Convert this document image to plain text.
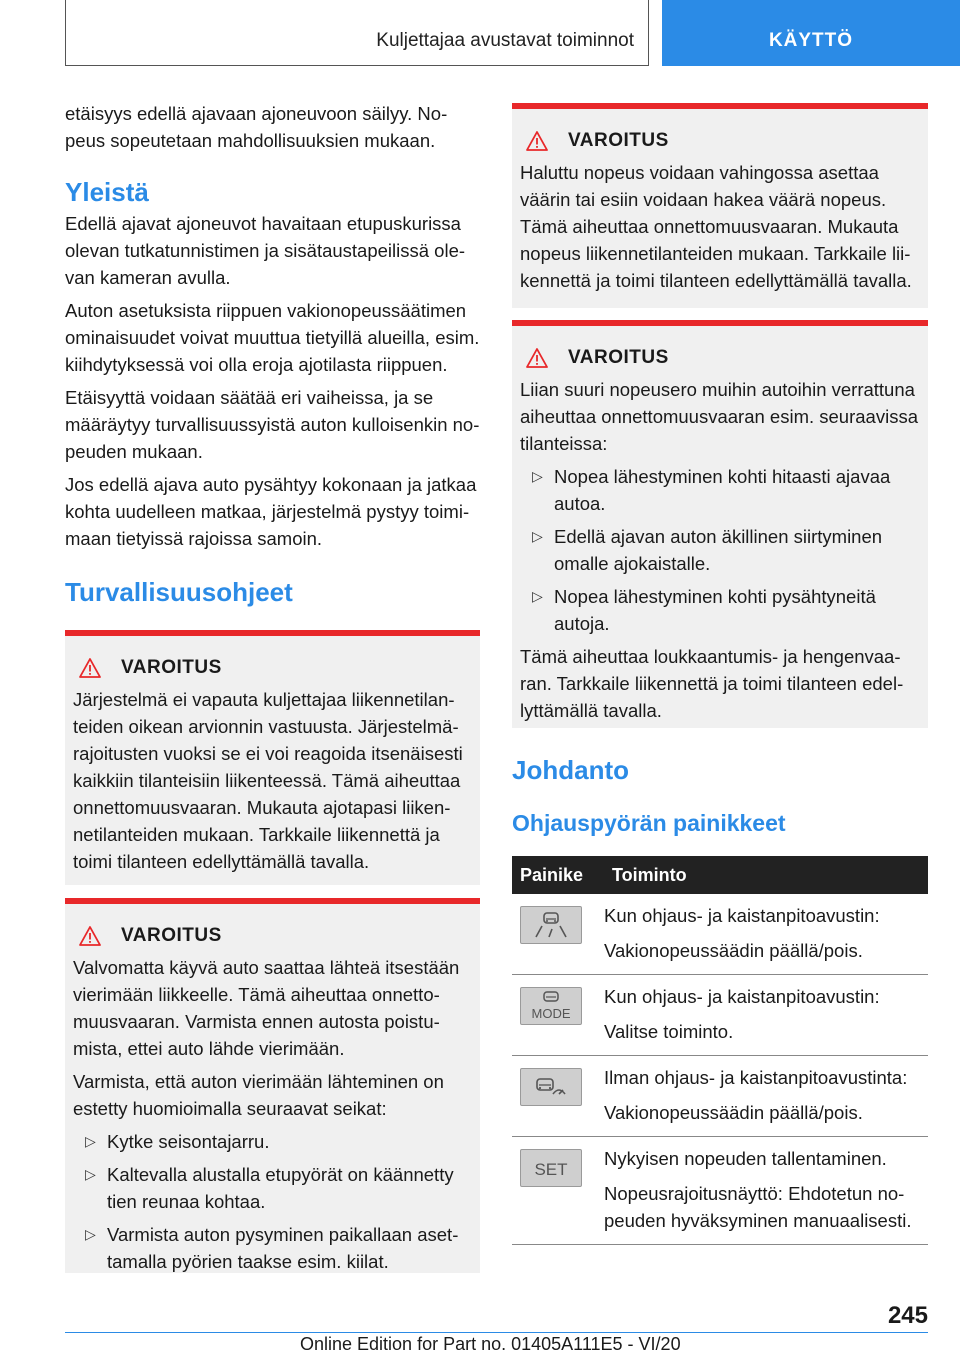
Kuljettajaa avustavat toiminnot	KÄYTTÖ

etäisyys edellä ajavaan ajoneuvoon säilyy. Nopeus sopeutetaan mahdollisuuksien mukaan.

Yleistä

Edellä ajavat ajoneuvot havaitaan etupuskurissa olevan tutkatunnistimen ja sisätaustapeilissä olevan kameran avulla.

Auton asetuksista riippuen vakionopeussäätimen ominaisuudet voivat muuttua tietyillä alueilla, esim. kiihdytyksessä voi olla eroja ajotilasta riippuen.

Etäisyyttä voidaan säätää eri vaiheissa, ja se määräytyy turvallisuussyistä auton kulloisenkin nopeuden mukaan.

Jos edellä ajava auto pysähtyy kokonaan ja jatkaa kohta uudelleen matkaa, järjestelmä pystyy toimimaan tietyissä rajoissa samoin.

Turvallisuusohjeet
VAROITUS

Järjestelmä ei vapauta kuljettajaa liikennetilanteiden oikean arvionnin vastuusta. Järjestelmärajoitusten vuoksi se ei voi reagoida itsenäisesti kaikkiin tilanteisiin liikenteessä. Tämä aiheuttaa onnettomuusvaaran. Mukauta ajotapasi liikennetilanteiden mukaan. Tarkkaile liikennettä ja toimi tilanteen edellyttämällä tavalla.

VAROITUS

Valvomatta käyvä auto saattaa lähteä itsestään vierimään liikkeelle. Tämä aiheuttaa onnettomuusvaaran. Varmista ennen autosta poistumista, ettei auto lähde vierimään.

Varmista, että auton vierimään lähteminen on estetty huomioimalla seuraavat seikat:

▷ Kytke seisontajarru.
▷ Kaltevalla alustalla etupyörät on käännetty tien reunaa kohtaa.
▷ Varmista auton pysyminen paikallaan asettamalla pyörien taakse esim. kiilat.
VAROITUS

Haluttu nopeus voidaan vahingossa asettaa väärin tai esiin voidaan hakea väärä nopeus. Tämä aiheuttaa onnettomuusvaaran. Mukauta nopeus liikennetilanteiden mukaan. Tarkkaile liikennettä ja toimi tilanteen edellyttämällä tavalla.

VAROITUS

Liian suuri nopeusero muihin autoihin verrattuna aiheuttaa onnettomuusvaaran esim. seuraavissa tilanteissa:

▷ Nopea lähestyminen kohti hitaasti ajavaa autoa.
▷ Edellä ajavan auton äkillinen siirtyminen omalle ajokaistalle.
▷ Nopea lähestyminen kohti pysähtyneitä autoja.

Tämä aiheuttaa loukkaantumis- ja hengenvaaran. Tarkkaile liikennettä ja toimi tilanteen edellyttämällä tavalla.

Johdanto
Ohjauspyörän painikkeet
Painike	Toiminto

Kun ohjaus- ja kaistanpitoavustin:
Vakionopeussäädin päällä/pois.

MODE	Kun ohjaus- ja kaistanpitoavustin:
Valitse toiminto.

Ilman ohjaus- ja kaistanpitoavustinta:
Vakionopeussäädin päällä/pois.

SET	Nykyisen nopeuden tallentaminen.
Nopeusrajoitusnäyttö: Ehdotetun nopeuden hyväksyminen manuaalisesti.
245
Online Edition for Part no. 01405A111E5 - VI/20
